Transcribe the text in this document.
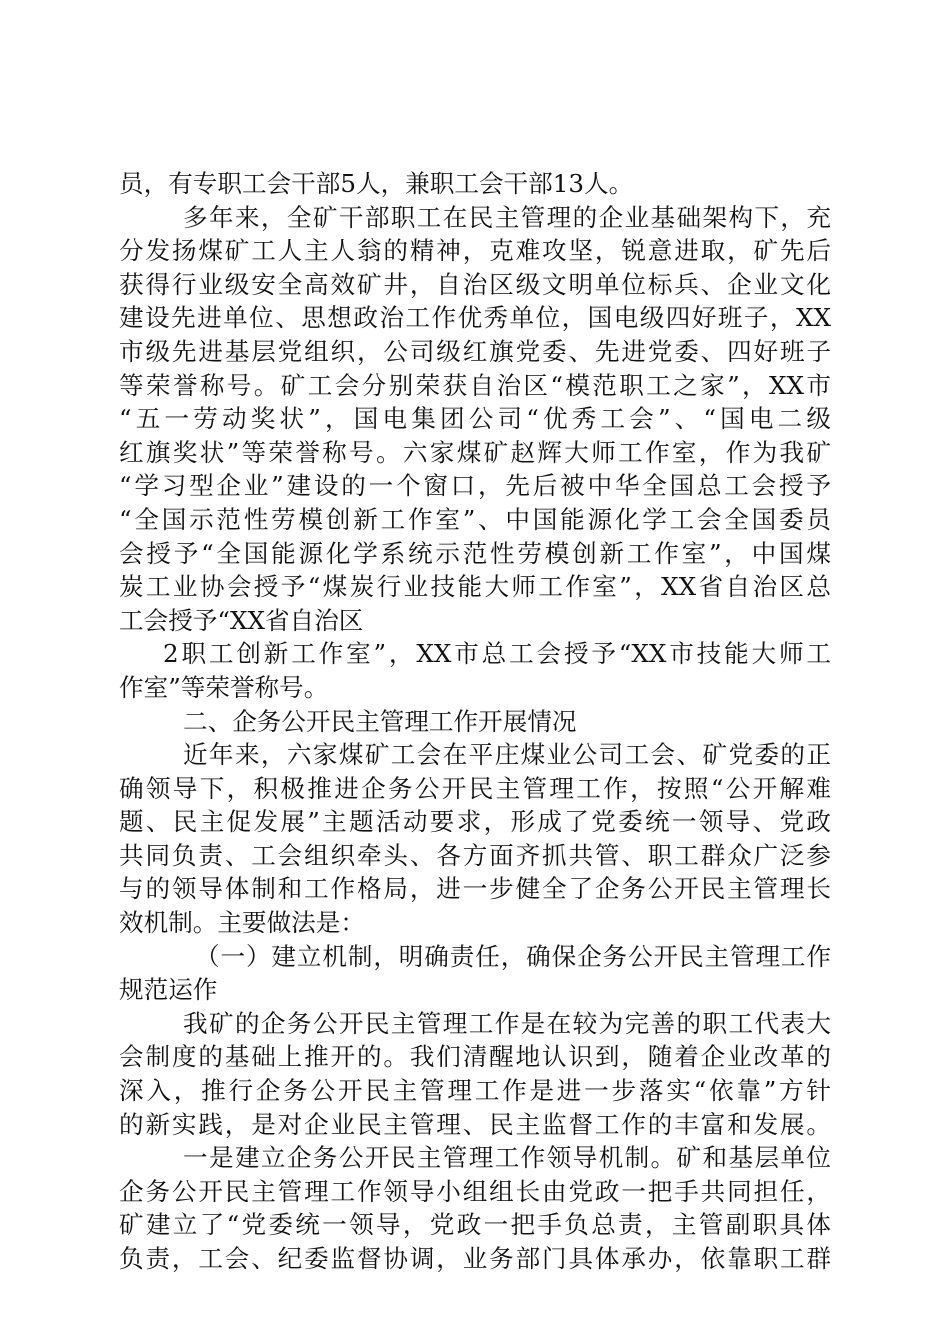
员，有专职工会干部5人，兼职工会干部13人。
多年来，全矿干部职工在民主管理的企业基础架构下，充
分发扬煤矿工人主人翁的精神，克难攻坚，锐意进取，矿先后
获得行业级安全高效矿井，自治区级文明单位标兵、企业文化
建设先进单位、思想政治工作优秀单位，国电级四好班子，XX
市级先进基层党组织，公司级红旗党委、先进党委、四好班子
等荣誉称号。矿工会分别荣获自治区“模范职工之家”，XX市
“五一劳动奖状”，国电集团公司“优秀工会”、“国电二级
红旗奖状”等荣誉称号。六家煤矿赵辉大师工作室，作为我矿
“学习型企业”建设的一个窗口，先后被中华全国总工会授予
“全国示范性劳模创新工作室”、中国能源化学工会全国委员
会授予“全国能源化学系统示范性劳模创新工作室”，中国煤
炭工业协会授予“煤炭行业技能大师工作室”，XX省自治区总
工会授予“XX省自治区
2职工创新工作室”，XX市总工会授予“XX市技能大师工
作室”等荣誉称号。
二、企务公开民主管理工作开展情况
近年来，六家煤矿工会在平庄煤业公司工会、矿党委的正
确领导下，积极推进企务公开民主管理工作，按照“公开解难
题、民主促发展”主题活动要求，形成了党委统一领导、党政
共同负责、工会组织牵头、各方面齐抓共管、职工群众广泛参
与的领导体制和工作格局，进一步健全了企务公开民主管理长
效机制。主要做法是：
（一）建立机制，明确责任，确保企务公开民主管理工作
规范运作
我矿的企务公开民主管理工作是在较为完善的职工代表大
会制度的基础上推开的。我们清醒地认识到，随着企业改革的
深入，推行企务公开民主管理工作是进一步落实“依靠”方针
的新实践，是对企业民主管理、民主监督工作的丰富和发展。
一是建立企务公开民主管理工作领导机制。矿和基层单位
企务公开民主管理工作领导小组组长由党政一把手共同担任，
矿建立了“党委统一领导，党政一把手负总责，主管副职具体
负责，工会、纪委监督协调，业务部门具体承办，依靠职工群
